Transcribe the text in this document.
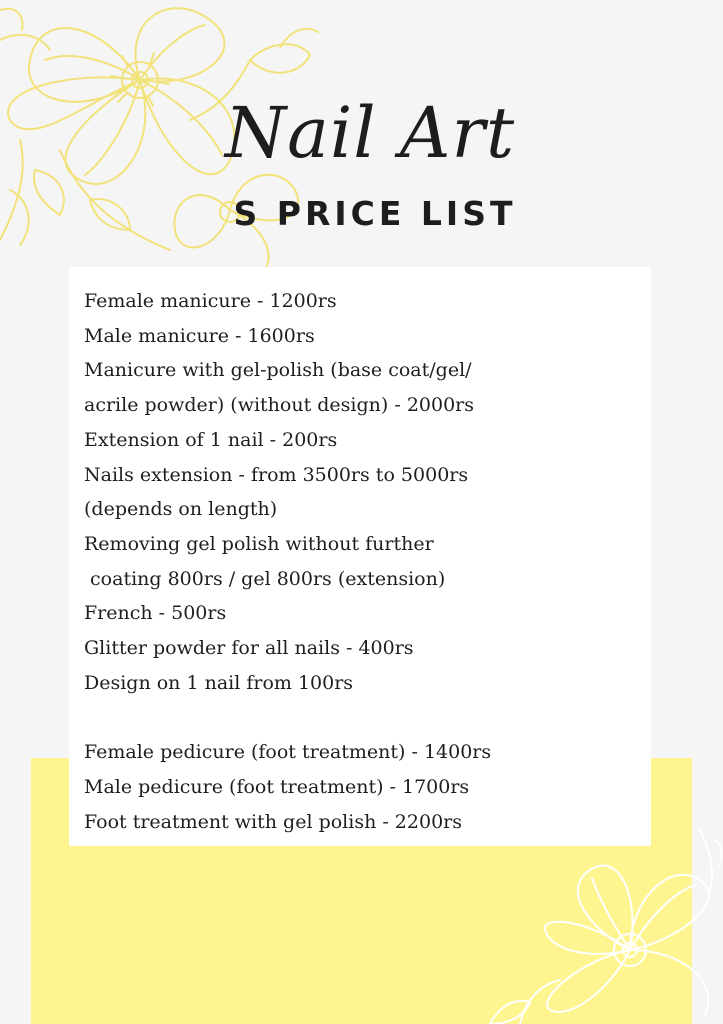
Nail Art
S PRICE LIST
Female manicure - 1200rs
Male manicure - 1600rs
Manicure with gel-polish (base coat/gel/
acrile powder) (without design) - 2000rs
Extension of 1 nail - 200rs
Nails extension - from 3500rs to 5000rs
(depends on length)
Removing gel polish without further
coating 800rs / gel 800rs (extension)
French - 500rs
Glitter powder for all nails - 400rs
Design on 1 nail from 100rs
Female pedicure (foot treatment) - 1400rs
Male pedicure (foot treatment) - 1700rs
Foot treatment with gel polish - 2200rs
